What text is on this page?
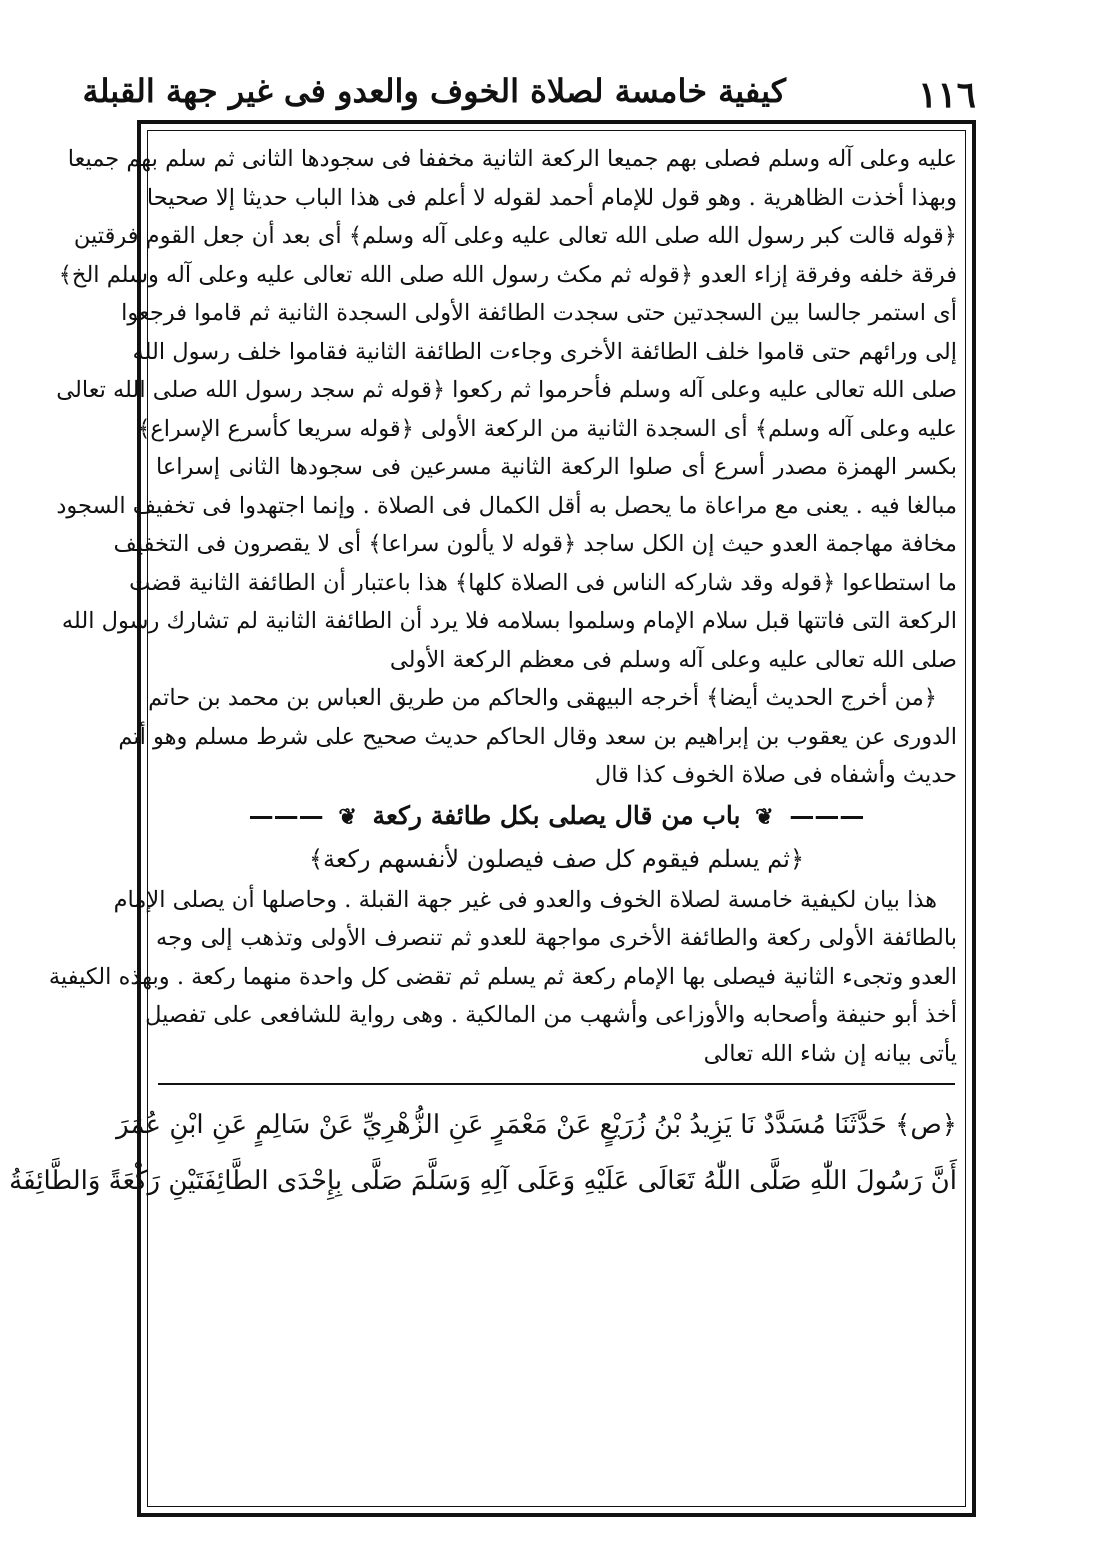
١١٦
كيفية خامسة لصلاة الخوف والعدو فى غير جهة القبلة
عليه وعلى آله وسلم فصلى بهم جميعا الركعة الثانية مخففا فى سجودها الثانى ثم سلم بهم جميعا
وبهذا أخذت الظاهرية . وهو قول للإمام أحمد لقوله لا أعلم فى هذا الباب حديثا إلا صحيحا
﴿قوله قالت كبر رسول الله صلى الله تعالى عليه وعلى آله وسلم﴾ أى بعد أن جعل القوم فرقتين
فرقة خلفه وفرقة إزاء العدو ﴿قوله ثم مكث رسول الله صلى الله تعالى عليه وعلى آله وسلم الخ﴾
أى استمر جالسا بين السجدتين حتى سجدت الطائفة الأولى السجدة الثانية ثم قاموا فرجعوا
إلى ورائهم حتى قاموا خلف الطائفة الأخرى وجاءت الطائفة الثانية فقاموا خلف رسول الله
صلى الله تعالى عليه وعلى آله وسلم فأحرموا ثم ركعوا ﴿قوله ثم سجد رسول الله صلى الله تعالى
عليه وعلى آله وسلم﴾ أى السجدة الثانية من الركعة الأولى ﴿قوله سريعا كأسرع الإسراع﴾
بكسر الهمزة مصدر أسرع أى صلوا الركعة الثانية مسرعين فى سجودها الثانى إسراعا
مبالغا فيه . يعنى مع مراعاة ما يحصل به أقل الكمال فى الصلاة . وإنما اجتهدوا فى تخفيف السجود
مخافة مهاجمة العدو حيث إن الكل ساجد ﴿قوله لا يألون سراعا﴾ أى لا يقصرون فى التخفيف
ما استطاعوا ﴿قوله وقد شاركه الناس فى الصلاة كلها﴾ هذا باعتبار أن الطائفة الثانية قضت
الركعة التى فاتتها قبل سلام الإمام وسلموا بسلامه فلا يرد أن الطائفة الثانية لم تشارك رسول الله
صلى الله تعالى عليه وعلى آله وسلم فى معظم الركعة الأولى
﴿من أخرج الحديث أيضا﴾ أخرجه البيهقى والحاكم من طريق العباس بن محمد بن حاتم
الدورى عن يعقوب بن إبراهيم بن سعد وقال الحاكم حديث صحيح على شرط مسلم وهو أتم
حديث وأشفاه فى صلاة الخوف كذا قال
——— ❦ باب من قال يصلى بكل طائفة ركعة ❦ ———
﴿ثم يسلم فيقوم كل صف فيصلون لأنفسهم ركعة﴾
هذا بيان لكيفية خامسة لصلاة الخوف والعدو فى غير جهة القبلة . وحاصلها أن يصلى الإمام
بالطائفة الأولى ركعة والطائفة الأخرى مواجهة للعدو ثم تنصرف الأولى وتذهب إلى وجه
العدو وتجىء الثانية فيصلى بها الإمام ركعة ثم يسلم ثم تقضى كل واحدة منهما ركعة . وبهذه الكيفية
أخذ أبو حنيفة وأصحابه والأوزاعى وأشهب من المالكية . وهى رواية للشافعى على تفصيل
يأتى بيانه إن شاء الله تعالى
﴿ص﴾ حَدَّثَنَا مُسَدَّدٌ نَا يَزِيدُ بْنُ زُرَيْعٍ عَنْ مَعْمَرٍ عَنِ الزُّهْرِيِّ عَنْ سَالِمٍ عَنِ ابْنِ عُمَرَ
أَنَّ رَسُولَ اللّٰهِ صَلَّى اللّٰهُ تَعَالَى عَلَيْهِ وَعَلَى آلِهِ وَسَلَّمَ صَلَّى بِإِحْدَى الطَّائِفَتَيْنِ رَكْعَةً وَالطَّائِفَةُ
